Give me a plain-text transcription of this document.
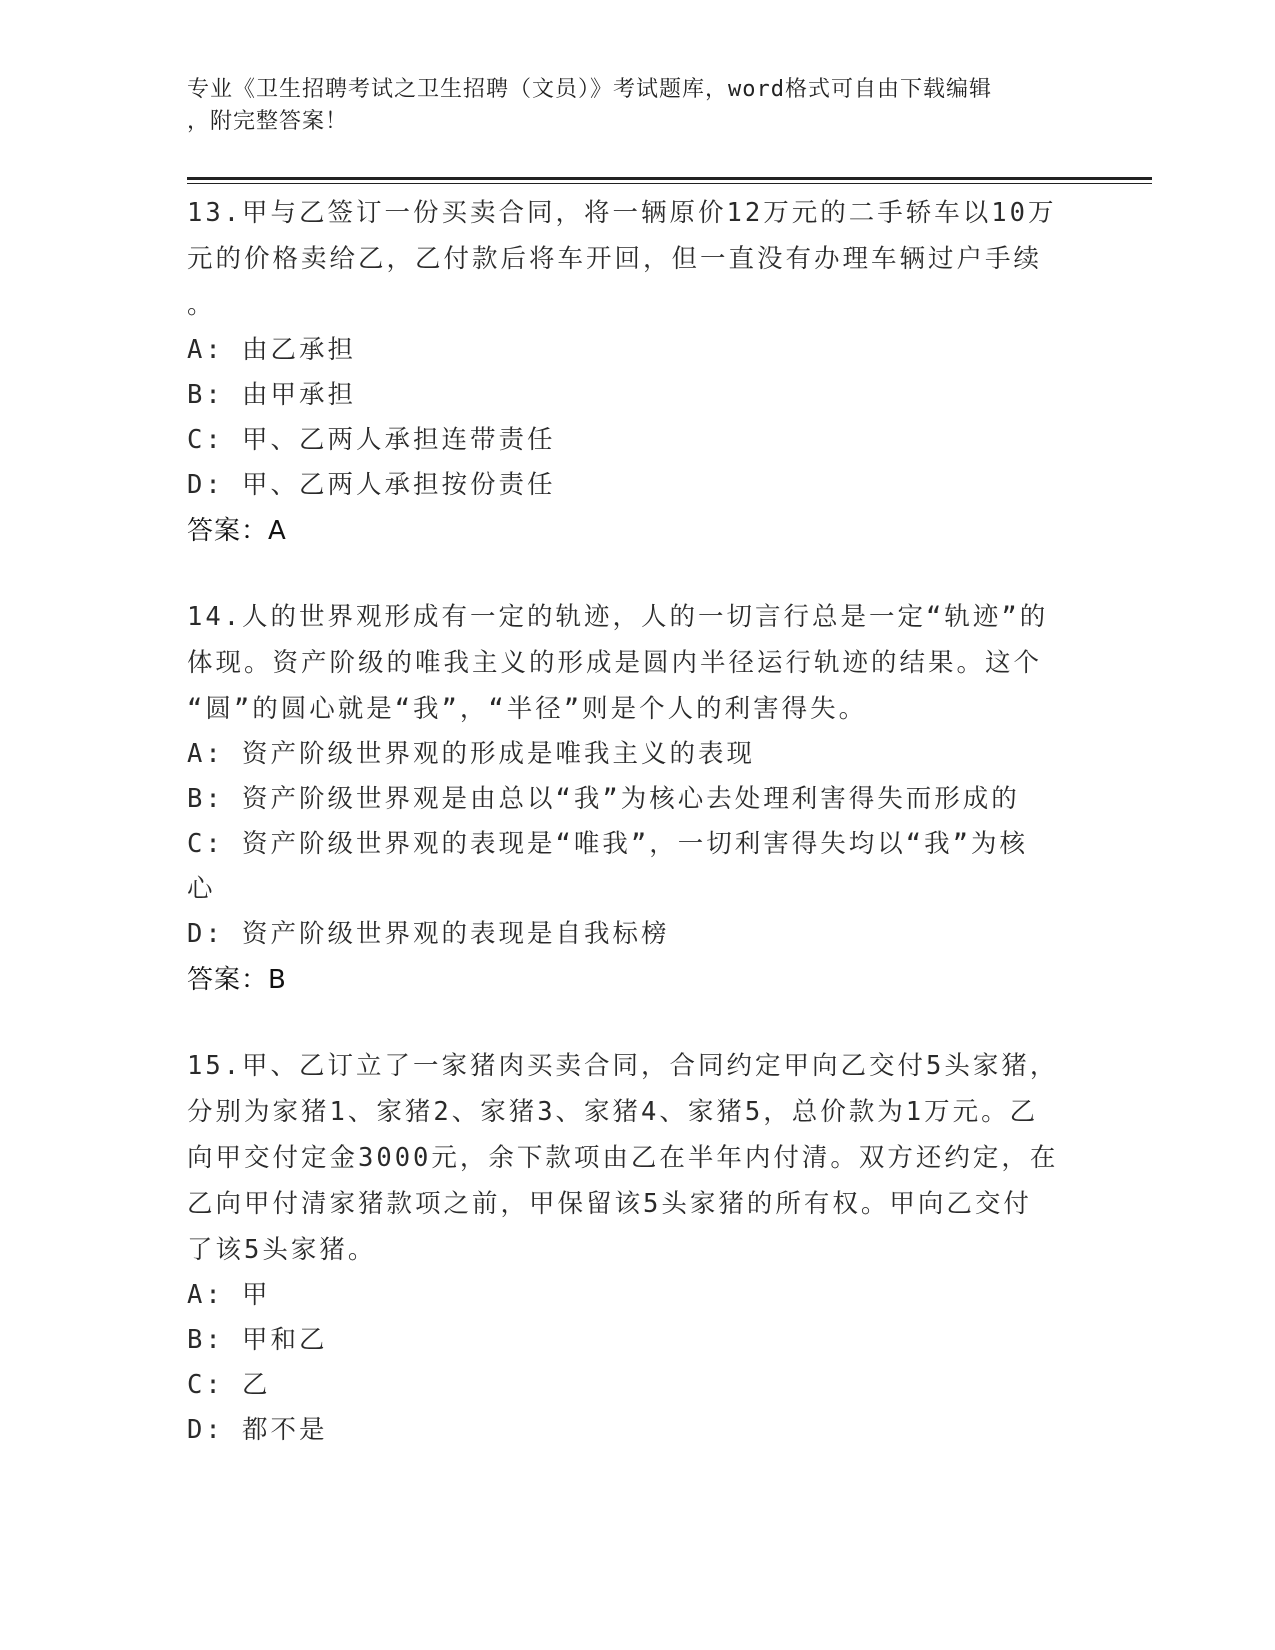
专业《卫生招聘考试之卫生招聘（文员）》考试题库，word格式可自由下载编辑
，附完整答案！
13.甲与乙签订一份买卖合同，将一辆原价12万元的二手轿车以10万
元的价格卖给乙，乙付款后将车开回，但一直没有办理车辆过户手续
。
A: 由乙承担
B: 由甲承担
C: 甲、乙两人承担连带责任
D: 甲、乙两人承担按份责任
答案：A
14.人的世界观形成有一定的轨迹，人的一切言行总是一定“轨迹”的
体现。资产阶级的唯我主义的形成是圆内半径运行轨迹的结果。这个
“圆”的圆心就是“我”，“半径”则是个人的利害得失。
A: 资产阶级世界观的形成是唯我主义的表现
B: 资产阶级世界观是由总以“我”为核心去处理利害得失而形成的
C: 资产阶级世界观的表现是“唯我”，一切利害得失均以“我”为核
心
D: 资产阶级世界观的表现是自我标榜
答案：B
15.甲、乙订立了一家猪肉买卖合同，合同约定甲向乙交付5头家猪，
分别为家猪1、家猪2、家猪3、家猪4、家猪5，总价款为1万元。乙
向甲交付定金3000元，余下款项由乙在半年内付清。双方还约定，在
乙向甲付清家猪款项之前，甲保留该5头家猪的所有权。甲向乙交付
了该5头家猪。
A: 甲
B: 甲和乙
C: 乙
D: 都不是
